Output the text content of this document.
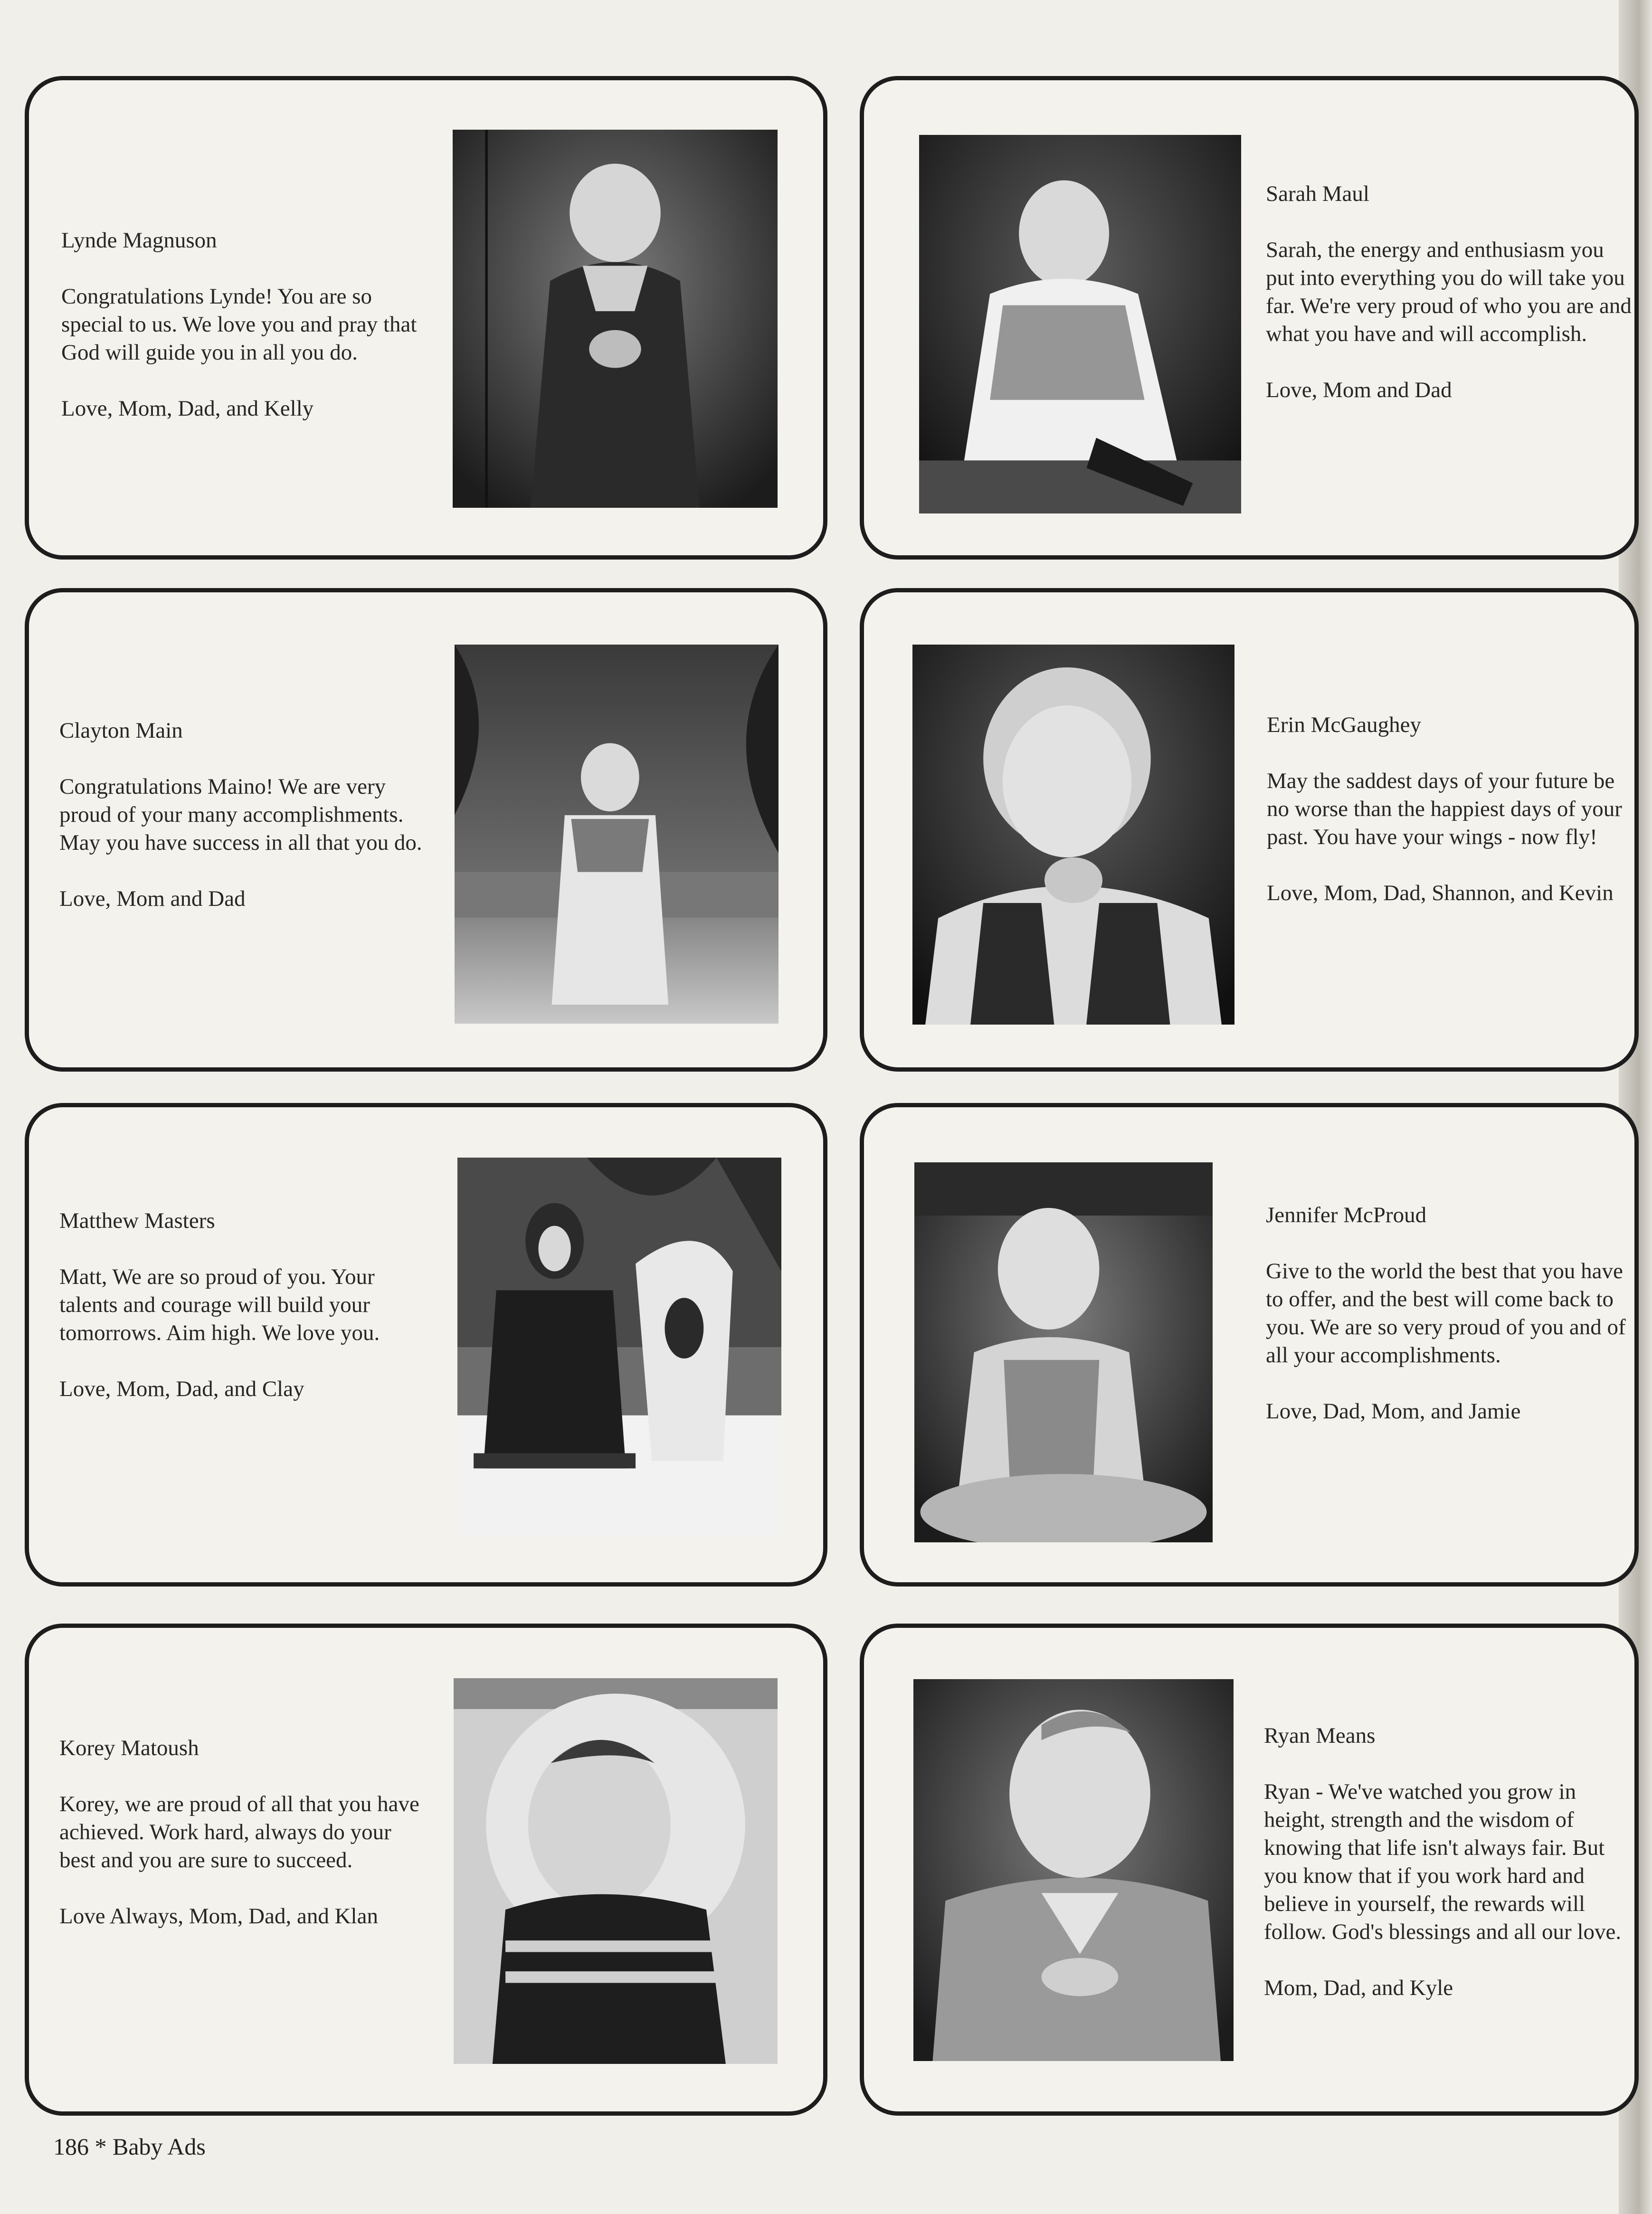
Lynde Magnuson

Congratulations Lynde! You are so special to us. We love you and pray that God will guide you in all you do.

Love, Mom, Dad, and Kelly

Sarah Maul

Sarah, the energy and enthusiasm you put into everything you do will take you far. We're very proud of who you are and what you have and will accomplish.

Love, Mom and Dad

Clayton Main

Congratulations Maino! We are very proud of your many accomplishments. May you have success in all that you do.

Love, Mom and Dad

Erin McGaughey

May the saddest days of your future be no worse than the happiest days of your past. You have your wings - now fly!

Love, Mom, Dad, Shannon, and Kevin

Matthew Masters

Matt, We are so proud of you. Your talents and courage will build your tomorrows. Aim high. We love you.

Love, Mom, Dad, and Clay

Jennifer McProud

Give to the world the best that you have to offer, and the best will come back to you. We are so very proud of you and of all your accomplishments.

Love, Dad, Mom, and Jamie

Korey Matoush

Korey, we are proud of all that you have achieved. Work hard, always do your best and you are sure to succeed.

Love Always, Mom, Dad, and Klan

Ryan Means

Ryan - We've watched you grow in height, strength and the wisdom of knowing that life isn't always fair. But you know that if you work hard and believe in yourself, the rewards will follow. God's blessings and all our love.

Mom, Dad, and Kyle

186 * Baby Ads
